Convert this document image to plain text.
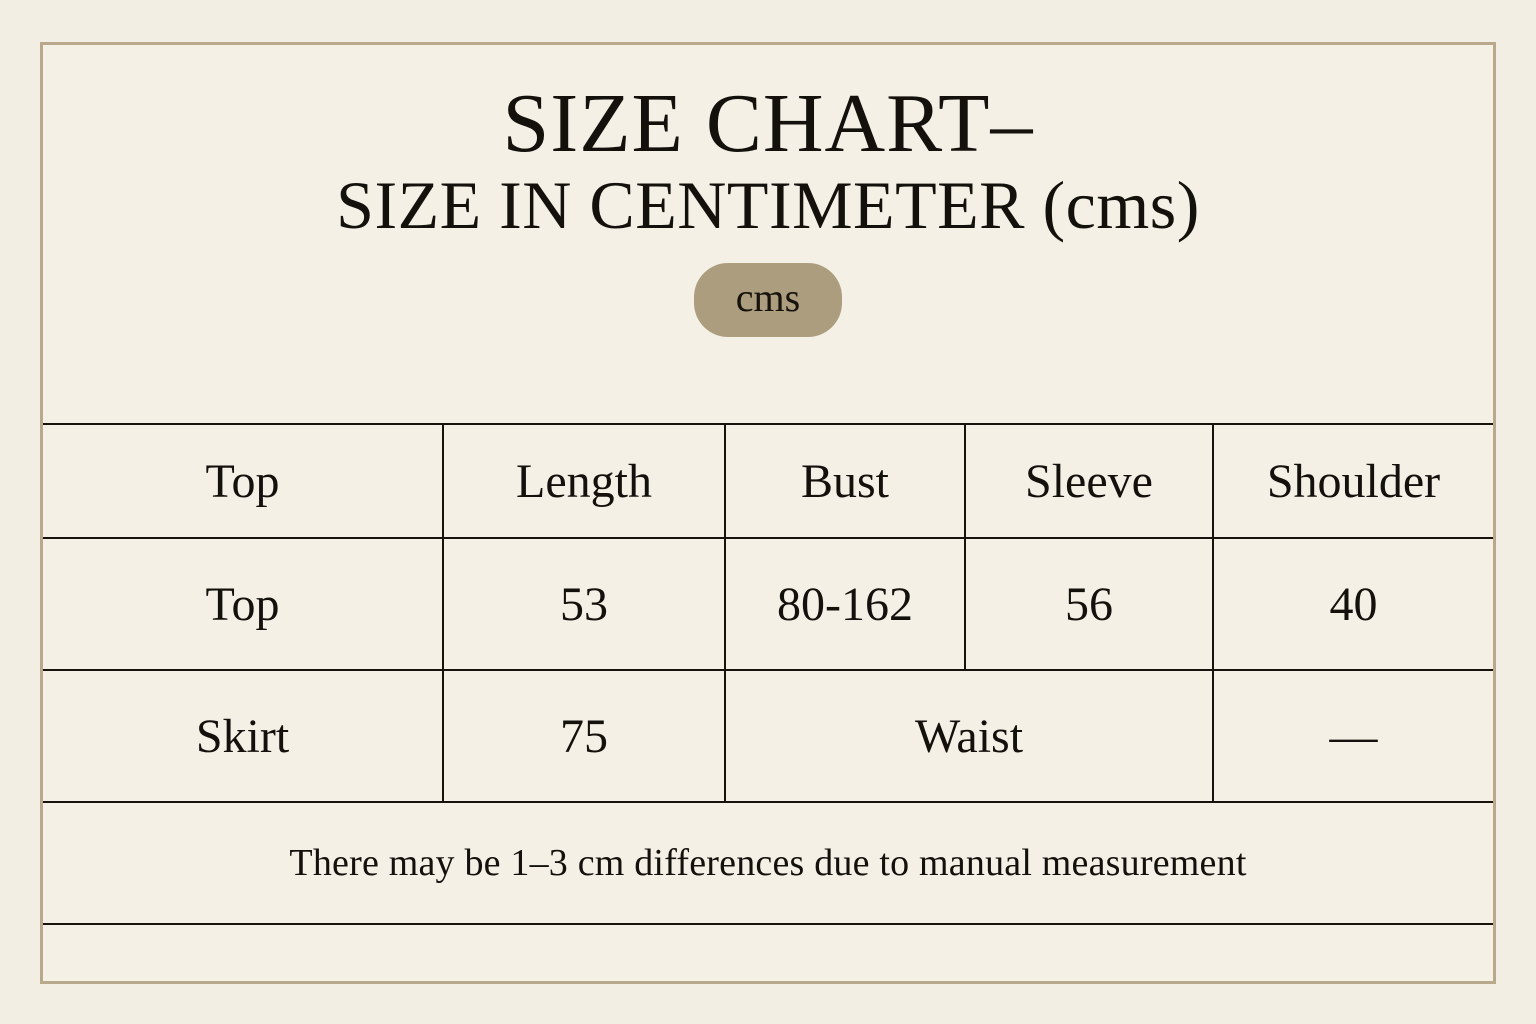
SIZE CHART–
SIZE IN CENTIMETER (cms)
cms
Top	Length	Bust	Sleeve	Shoulder
Top	53	80-162	56	40
Skirt	75	Waist		—
There may be 1–3 cm differences due to manual measurement				
